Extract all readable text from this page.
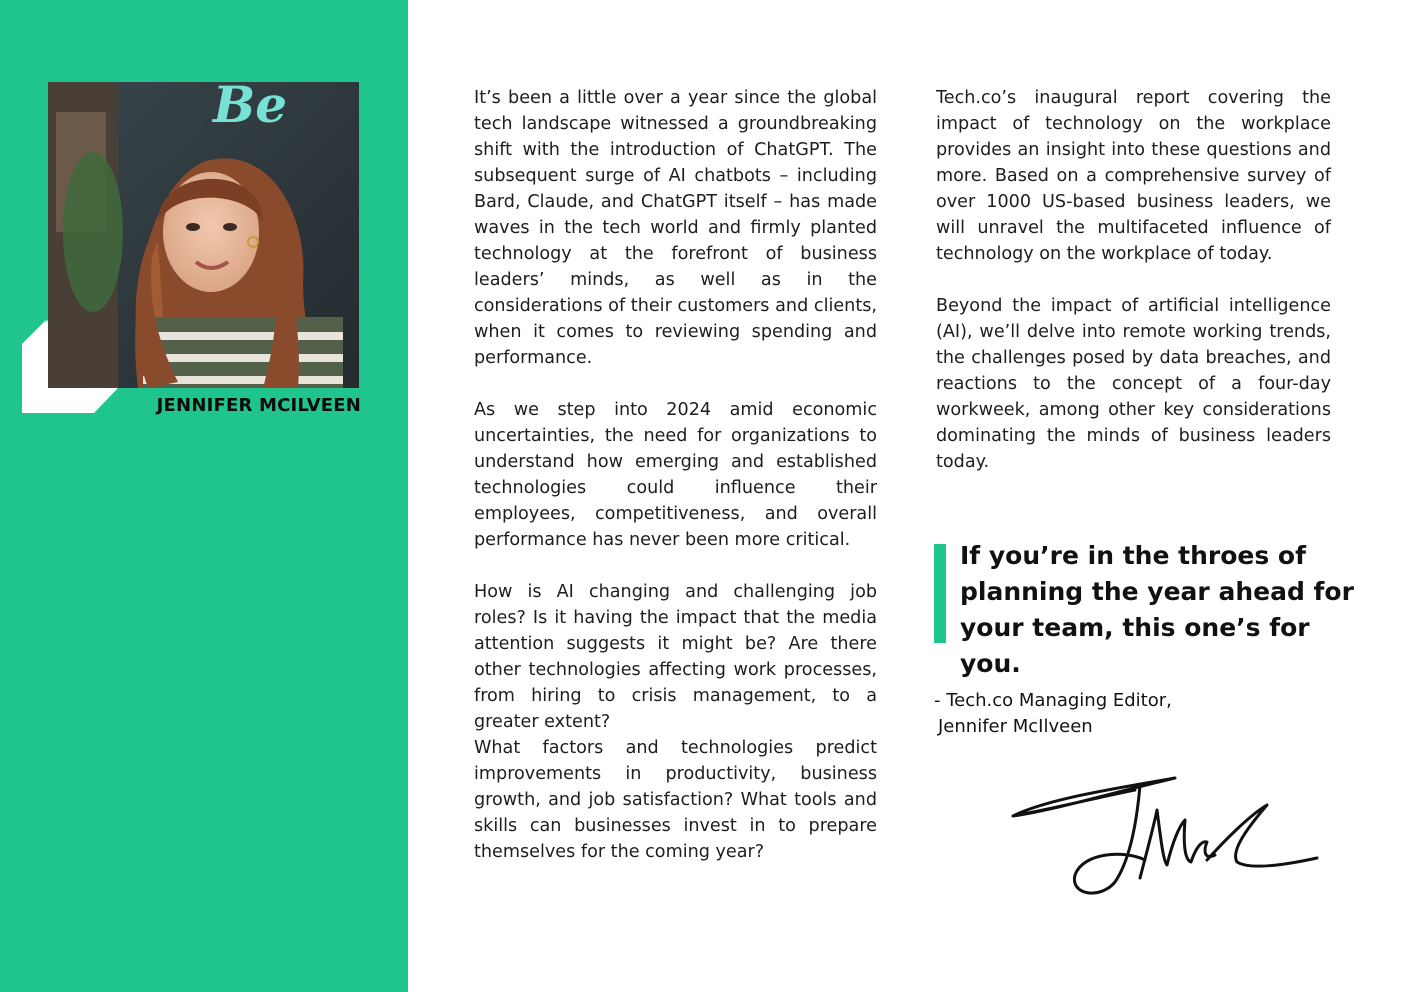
Be
JENNIFER MCILVEEN

It’s been a little over a year since the global tech landscape witnessed a groundbreaking shift with the introduction of ChatGPT. The subsequent surge of AI chatbots – including Bard, Claude, and ChatGPT itself – has made waves in the tech world and firmly planted technology at the forefront of business leaders’ minds, as well as in the considerations of their customers and clients, when it comes to reviewing spending and performance.

As we step into 2024 amid economic uncertainties, the need for organizations to understand how emerging and established technologies could influence their employees, competitiveness, and overall performance has never been more critical.

How is AI changing and challenging job roles? Is it having the impact that the media attention suggests it might be? Are there other technologies affecting work processes, from hiring to crisis management, to a greater extent?

What factors and technologies predict improvements in productivity, business growth, and job satisfaction? What tools and skills can businesses invest in to prepare themselves for the coming year?

Tech.co’s inaugural report covering the impact of technology on the workplace provides an insight into these questions and more. Based on a comprehensive survey of over 1000 US-based business leaders, we will unravel the multifaceted influence of technology on the workplace of today.

Beyond the impact of artificial intelligence (AI), we’ll delve into remote working trends, the challenges posed by data breaches, and reactions to the concept of a four-day workweek, among other key considerations dominating the minds of business leaders today.

If you’re in the throes of planning the year ahead for your team, this one’s for you.
- Tech.co Managing Editor,
Jennifer McIlveen
